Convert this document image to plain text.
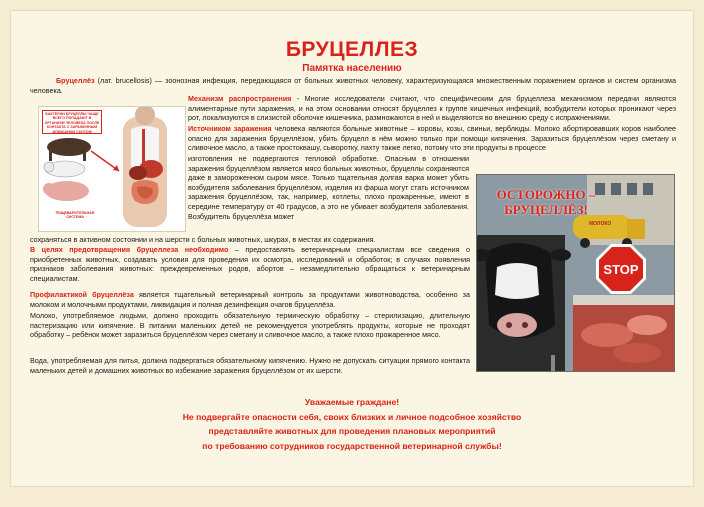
БРУЦЕЛЛЕЗ
Памятка населению
Бруцеллёз (лат. brucellosis) — зоонозная инфекция, передающаяся от больных животных человеку, характеризующаяся множественным поражением органов и систем организма человека.
БАКТЕРИИ БРУЦЕЛЛЫ ЧАЩЕ ВСЕГО ПОПАДАЮТ В ОРГАНИЗМ ЧЕЛОВЕКА ПОСЛЕ КОНТАКТА С ЗАРАЖЕННЫМ ДОМАШНИМ СКОТОМ
ПИЩЕВАРИТЕЛЬНАЯ СИСТЕМА
Механизм распространения - Многие исследователи считают, что специфическим для бруцеллеза механизмом передачи являются алиментарные пути заражения, и на этом основании относят бруцеллез к группе кишечных инфекций, возбудители которых проникают через рот, локализуются в слизистой оболочке кишечника, размножаются в ней и выделяются во внешнюю среду с испражнениями.
Источником заражения человека являются больные животные – коровы, козы, свиньи, верблюды. Молоко абортировавших коров наиболее опасно для заражения бруцеллёзом, убить бруцелл в нём можно только при помощи кипячения. Заразиться бруцеллёзом через сметану и сливочное масло, а также простоквашу, сыворотку, пахту также легко, потому что эти продукты в процессе
изготовления не подвергаются тепловой обработке. Опасным в отношении заражения бруцеллёзом является мясо больных животных, бруцеллы сохраняются даже в замороженном сыром мясе. Только тщательная долгая варка может убить возбудителя заболевания бруцеллёзом, изделия из фарша могут стать источником заражения бруцеллёзом, так, например, котлеты, плохо прожаренные, имеют в середине температуру от 40 градусов, а это не убивает возбудителя заболевания. Возбудитель бруцеллёза может
сохраняться в активном состоянии и на шерсти с больных животных, шкурах, в местах их содержания.
В целях предотвращения бруцеллеза необходимо – предоставлять ветеринарным специалистам все сведения о приобретенных животных, создавать условия для проведения их осмотра, исследований и обработок; в случаях появления признаков заболевания животных: преждевременных родов, абортов – незамедлительно обращаться к ветеринарным специалистам.
Профилактикой бруцеллёза является тщательный ветеринарный контроль за продуктами животноводства, особенно за молоком и молочными продуктами, ликвидация и полная дезинфекция очагов бруцеллёза.
Молоко, употребляемое людьми, должно проходить обязательную термическую обработку – стерилизацию, длительную пастеризацию или кипячение. В питании маленьких детей не рекомендуется употреблять продукты, которые не проходят обработку – ребёнок может заразиться бруцеллёзом через сметану и сливочное масло, а также плохо прожаренное мясо.
Вода, употребляемая для питья, должна подвергаться обязательному кипячению. Нужно не допускать ситуации прямого контакта маленьких детей и домашних животных во избежание заражения бруцеллёзом от их шерсти.
ОСТОРОЖНО – БРУЦЕЛЛЁЗ!
STOP
МОЛОКО
Уважаемые граждане!
Не подвергайте опасности себя, своих близких и личное подсобное хозяйство
представляйте животных для проведения плановых мероприятий
по требованию сотрудников государственной ветеринарной службы!
